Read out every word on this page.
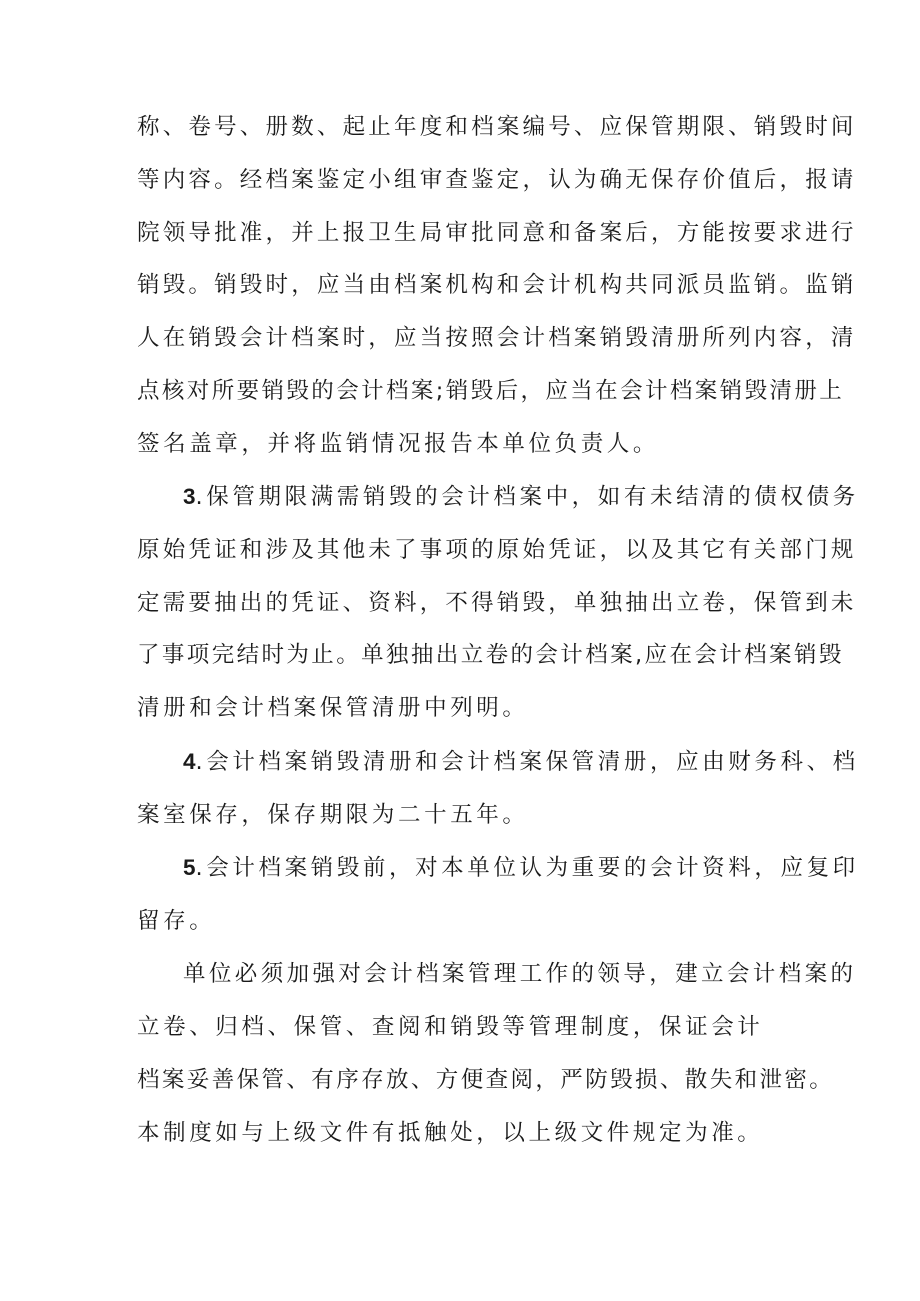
称、卷号、册数、起止年度和档案编号、应保管期限、销毁时间
等内容。经档案鉴定小组审查鉴定，认为确无保存价值后，报请
院领导批准，并上报卫生局审批同意和备案后，方能按要求进行
销毁。销毁时，应当由档案机构和会计机构共同派员监销。监销
人在销毁会计档案时，应当按照会计档案销毁清册所列内容，清
点核对所要销毁的会计档案;销毁后，应当在会计档案销毁清册上
签名盖章，并将监销情况报告本单位负责人。
3.保管期限满需销毁的会计档案中，如有未结清的债权债务
原始凭证和涉及其他未了事项的原始凭证，以及其它有关部门规
定需要抽出的凭证、资料，不得销毁，单独抽出立卷，保管到未
了事项完结时为止。单独抽出立卷的会计档案,应在会计档案销毁
清册和会计档案保管清册中列明。
4.会计档案销毁清册和会计档案保管清册，应由财务科、档
案室保存，保存期限为二十五年。
5.会计档案销毁前，对本单位认为重要的会计资料，应复印
留存。
单位必须加强对会计档案管理工作的领导，建立会计档案的
立卷、归档、保管、查阅和销毁等管理制度，保证会计
档案妥善保管、有序存放、方便查阅，严防毁损、散失和泄密。
本制度如与上级文件有抵触处，以上级文件规定为准。
